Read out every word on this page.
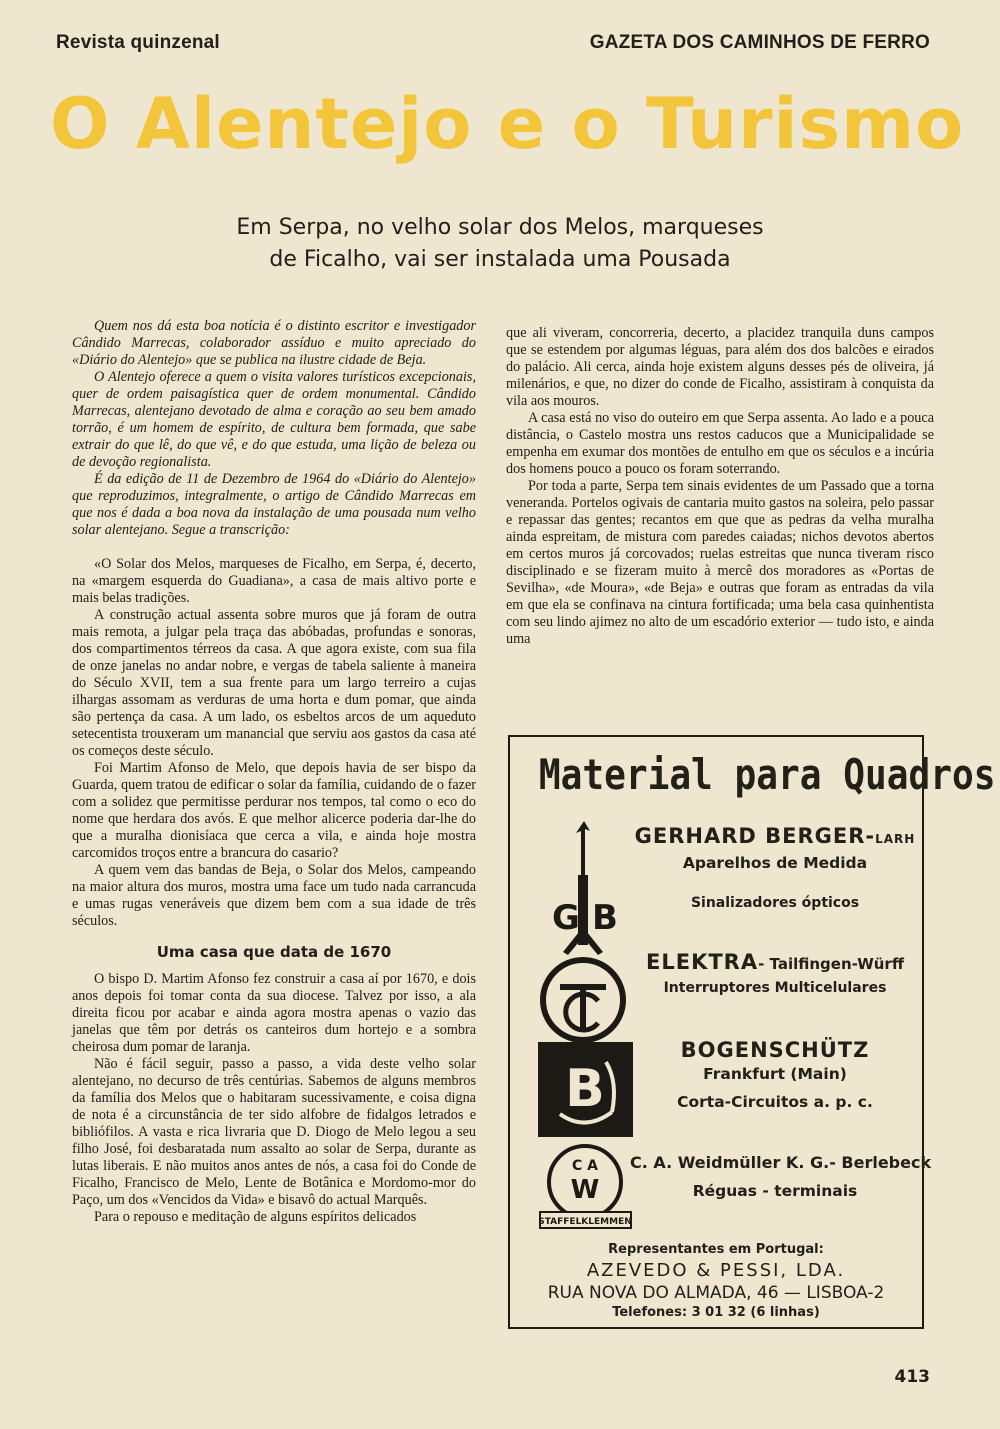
Revista quinzenal	GAZETA DOS CAMINHOS DE FERRO
O Alentejo e o Turismo
Em Serpa, no velho solar dos Melos, marqueses
de Ficalho, vai ser instalada uma Pousada

Quem nos dá esta boa notícia é o distinto escritor e investigador Cândido Marrecas, colaborador assíduo e muito apreciado do «Diário do Alentejo» que se publica na ilustre cidade de Beja.

O Alentejo oferece a quem o visita valores turísticos excepcionais, quer de ordem paisagística quer de ordem monumental. Cândido Marrecas, alentejano devotado de alma e coração ao seu bem amado torrão, é um homem de espírito, de cultura bem formada, que sabe extrair do que lê, do que vê, e do que estuda, uma lição de beleza ou de devoção regionalista.

É da edição de 11 de Dezembro de 1964 do «Diário do Alentejo» que reproduzimos, integralmente, o artigo de Cândido Marrecas em que nos é dada a boa nova da instalação de uma pousada num velho solar alentejano. Segue a transcrição:

«O Solar dos Melos, marqueses de Ficalho, em Serpa, é, decerto, na «margem esquerda do Guadiana», a casa de mais altivo porte e mais belas tradições.

A construção actual assenta sobre muros que já foram de outra mais remota, a julgar pela traça das abóbadas, profundas e sonoras, dos compartimentos térreos da casa. A que agora existe, com sua fila de onze janelas no andar nobre, e vergas de tabela saliente à maneira do Século XVII, tem a sua frente para um largo terreiro a cujas ilhargas assomam as verduras de uma horta e dum pomar, que ainda são pertença da casa. A um lado, os esbeltos arcos de um aqueduto setecentista trouxeram um manancial que serviu aos gastos da casa até os começos deste século.

Foi Martim Afonso de Melo, que depois havia de ser bispo da Guarda, quem tratou de edificar o solar da família, cuidando de o fazer com a solidez que permitisse perdurar nos tempos, tal como o eco do nome que herdara dos avós. E que melhor alicerce poderia dar-lhe do que a muralha dionisíaca que cerca a vila, e ainda hoje mostra carcomidos troços entre a brancura do casario?

A quem vem das bandas de Beja, o Solar dos Melos, campeando na maior altura dos muros, mostra uma face um tudo nada carrancuda e umas rugas veneráveis que dizem bem com a sua idade de três séculos.

Uma casa que data de 1670

O bispo D. Martim Afonso fez construir a casa aí por 1670, e dois anos depois foi tomar conta da sua diocese. Talvez por isso, a ala direita ficou por acabar e ainda agora mostra apenas o vazio das janelas que têm por detrás os canteiros dum hortejo e a sombra cheirosa dum pomar de laranja.

Não é fácil seguir, passo a passo, a vida deste velho solar alentejano, no decurso de três centúrias. Sabemos de alguns membros da família dos Melos que o habitaram sucessivamente, e coisa digna de nota é a circunstância de ter sido alfobre de fidalgos letrados e bibliófilos. A vasta e rica livraria que D. Diogo de Melo legou a seu filho José, foi desbaratada num assalto ao solar de Serpa, durante as lutas liberais. E não muitos anos antes de nós, a casa foi do Conde de Ficalho, Francisco de Melo, Lente de Botânica e Mordomo-mor do Paço, um dos «Vencidos da Vida» e bisavô do actual Marquês.

Para o repouso e meditação de alguns espíritos delicados

que ali viveram, concorreria, decerto, a placidez tranquila duns campos que se estendem por algumas léguas, para além dos dos balcões e eirados do palácio. Ali cerca, ainda hoje existem alguns desses pés de oliveira, já milenários, e que, no dizer do conde de Ficalho, assistiram à conquista da vila aos mouros.

A casa está no viso do outeiro em que Serpa assenta. Ao lado e a pouca distância, o Castelo mostra uns restos caducos que a Municipalidade se empenha em exumar dos montões de entulho em que os séculos e a incúria dos homens pouco a pouco os foram soterrando.

Por toda a parte, Serpa tem sinais evidentes de um Passado que a torna veneranda. Portelos ogivais de cantaria muito gastos na soleira, pelo passar e repassar das gentes; recantos em que que as pedras da velha muralha ainda espreitam, de mistura com paredes caiadas; nichos devotos abertos em certos muros já corcovados; ruelas estreitas que nunca tiveram risco disciplinado e se fizeram muito à mercê dos moradores as «Portas de Sevilha», «de Moura», «de Beja» e outras que foram as entradas da vila em que ela se confinava na cintura fortificada; uma bela casa quinhentista com seu lindo ajimez no alto de um escadório exterior — tudo isto, e ainda uma

Material para Quadros
G B
GERHARD BERGER-LARH
Aparelhos de Medida
Sinalizadores ópticos
ELEKTRA- Tailfingen-Würff
Interruptores Multicelulares
B
BOGENSCHÜTZ
Frankfurt (Main)
Corta-Circuitos a. p. c.
C A
W
STAFFELKLEMMEN
C. A. Weidmüller K. G.- Berlebeck
Réguas - terminais
Representantes em Portugal:
AZEVEDO & PESSI, LDA.
RUA NOVA DO ALMADA, 46 — LISBOA-2
Telefones: 3 01 32 (6 linhas)
413
